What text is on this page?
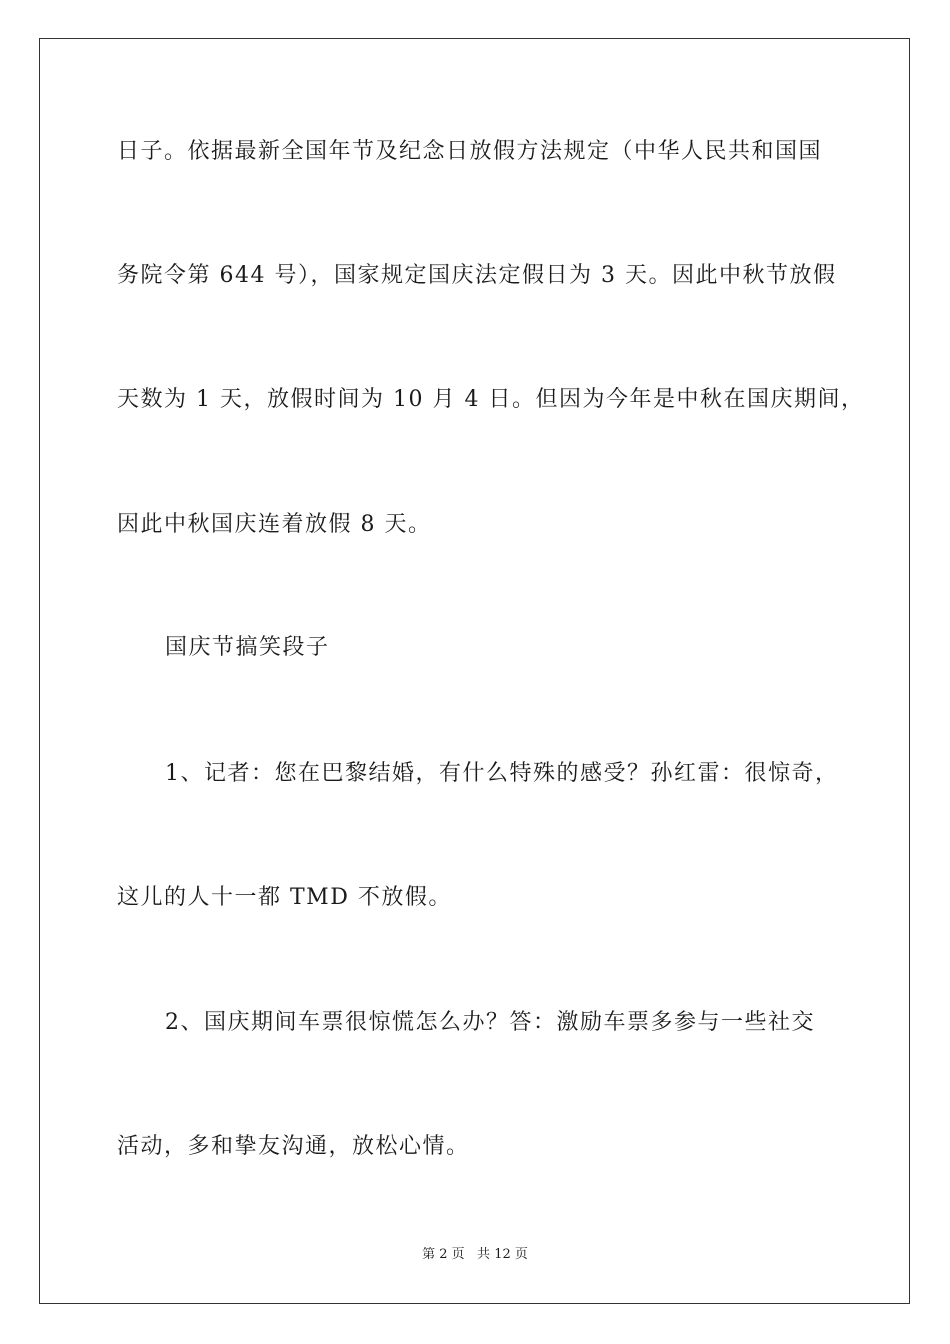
日子。依据最新全国年节及纪念日放假方法规定（中华人民共和国国
务院令第 644 号），国家规定国庆法定假日为 3 天。因此中秋节放假
天数为 1 天，放假时间为 10 月 4 日。但因为今年是中秋在国庆期间，
因此中秋国庆连着放假 8 天。
国庆节搞笑段子
1、记者：您在巴黎结婚，有什么特殊的感受？孙红雷：很惊奇，
这儿的人十一都 TMD 不放假。
2、国庆期间车票很惊慌怎么办？答：激励车票多参与一些社交
活动，多和挚友沟通，放松心情。
第 2 页   共 12 页
